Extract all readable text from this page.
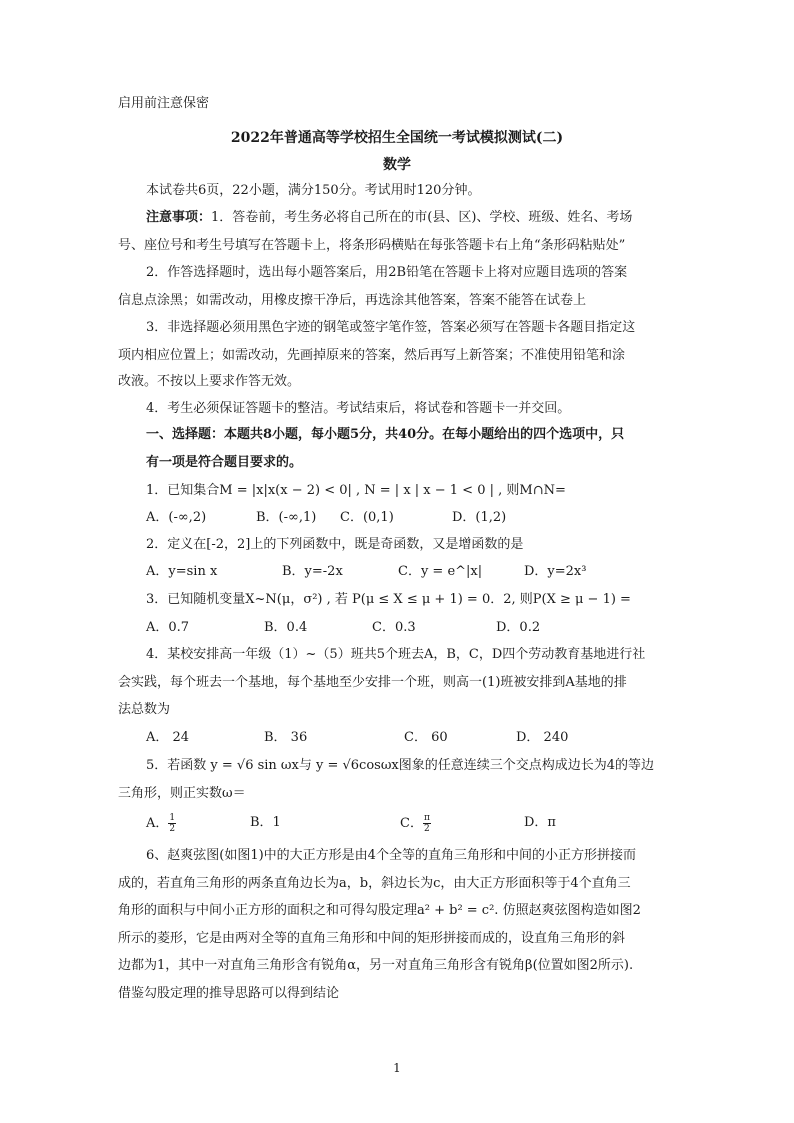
启用前注意保密
2022年普通高等学校招生全国统一考试模拟测试(二)
数学
本试卷共6页，22小题，满分150分。考试用时120分钟。
注意事项：1．答卷前，考生务必将自己所在的市(县、区)、学校、班级、姓名、考场
号、座位号和考生号填写在答题卡上，将条形码横贴在每张答题卡右上角“条形码粘贴处”
2．作答选择题时，选出每小题答案后，用2B铅笔在答题卡上将对应题目选项的答案
信息点涂黑；如需改动，用橡皮擦干净后，再选涂其他答案，答案不能答在试卷上
3．非选择题必须用黑色字迹的钢笔或签字笔作签，答案必须写在答题卡各题目指定这
项内相应位置上；如需改动，先画掉原来的答案，然后再写上新答案；不准使用铅笔和涂
改液。不按以上要求作答无效。
4．考生必须保证答题卡的整洁。考试结束后，将试卷和答题卡一并交回。
一、选择题：本题共8小题，每小题5分，共40分。在每小题给出的四个选项中，只
有一项是符合题目要求的。
1．已知集合M = |x|x(x − 2) < 0| , N = | x | x − 1 < 0 | , 则M∩N=
A．(-∞,2)	B．(-∞,1) C．(0,1)	D．(1,2)
2．定义在[-2，2]上的下列函数中，既是奇函数，又是增函数的是
A．y=sin x	B．y=-2x	C．y = e^|x|	D．y=2x³
3．已知随机变量X~N(μ，σ²) , 若 P(μ ≤ X ≤ μ + 1) = 0．2, 则P(X ≥ μ − 1) =
A．0.7	B．0.4	C．0.3	D．0.2
4．某校安排高一年级（1）~（5）班共5个班去A，B，C，D四个劳动教育基地进行社
会实践，每个班去一个基地，每个基地至少安排一个班，则高一(1)班被安排到A基地的排
法总数为
A． 24	B． 36	C． 60	D． 240
5．若函数 y = √6 sin ωx与 y = √6cosωx图象的任意连续三个交点构成边长为4的等边
三角形，则正实数ω＝
A． $\frac{1}{2}$	B．1	C． $\frac{\pi}{2}$	D．π
6、赵爽弦图(如图1)中的大正方形是由4个全等的直角三角形和中间的小正方形拼接而
成的，若直角三角形的两条直角边长为a，b，斜边长为c，由大正方形面积等于4个直角三
角形的面积与中间小正方形的面积之和可得勾股定理a² + b² = c². 仿照赵爽弦图构造如图2
所示的菱形，它是由两对全等的直角三角形和中间的矩形拼接而成的，设直角三角形的斜
边都为1，其中一对直角三角形含有锐角α，另一对直角三角形含有锐角β(位置如图2所示).
借鉴勾股定理的推导思路可以得到结论
1
